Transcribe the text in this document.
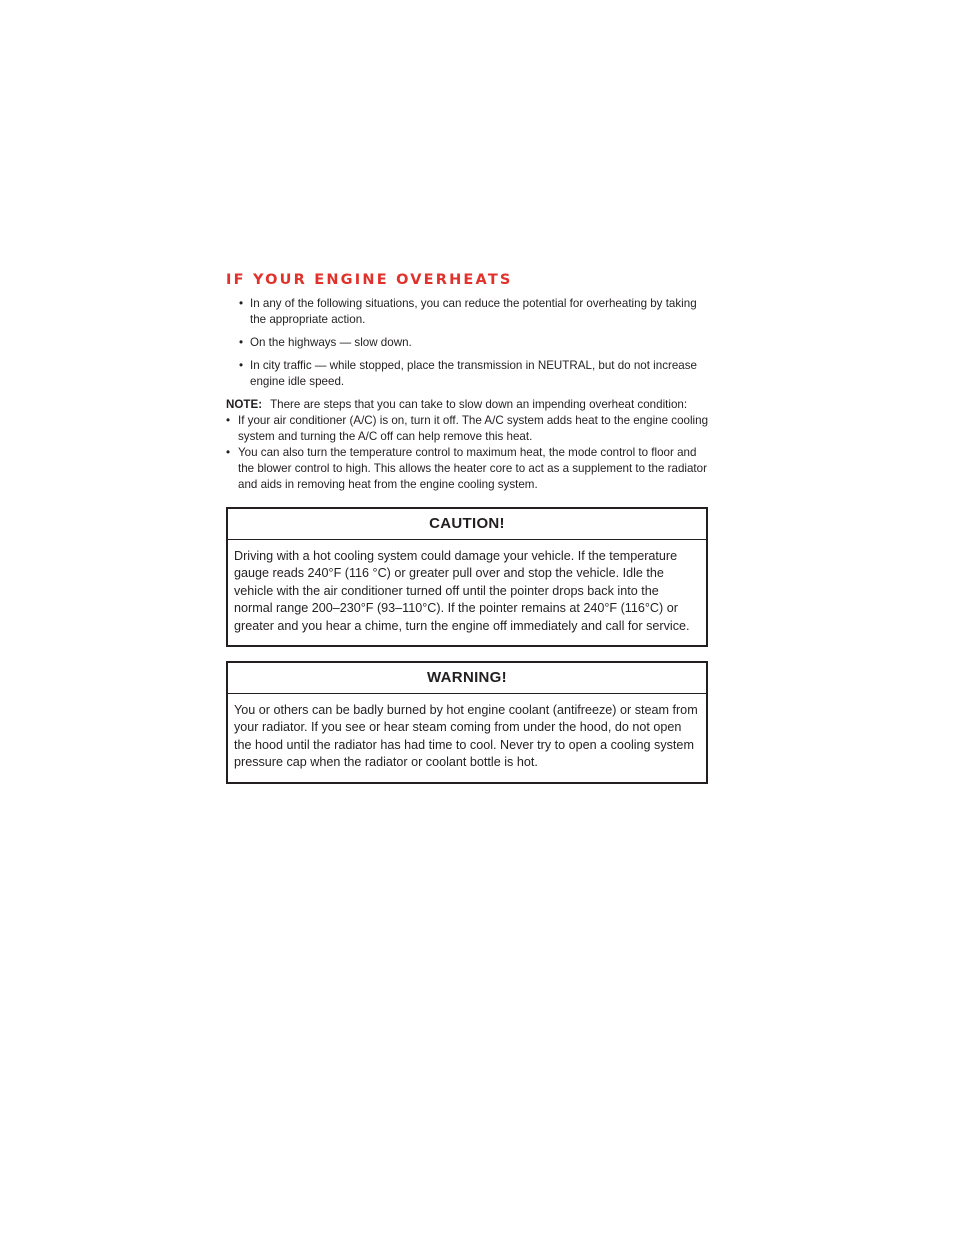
IF YOUR ENGINE OVERHEATS
• In any of the following situations, you can reduce the potential for overheating by taking the appropriate action.
• On the highways — slow down.
• In city traffic — while stopped, place the transmission in NEUTRAL, but do not increase engine idle speed.
NOTE: There are steps that you can take to slow down an impending overheat condition:
• If your air conditioner (A/C) is on, turn it off. The A/C system adds heat to the engine cooling system and turning the A/C off can help remove this heat.
• You can also turn the temperature control to maximum heat, the mode control to floor and the blower control to high. This allows the heater core to act as a supplement to the radiator and aids in removing heat from the engine cooling system.
CAUTION!

Driving with a hot cooling system could damage your vehicle. If the temperature gauge reads 240°F (116 °C) or greater pull over and stop the vehicle. Idle the vehicle with the air conditioner turned off until the pointer drops back into the normal range 200–230°F (93–110°C). If the pointer remains at 240°F (116°C) or greater and you hear a chime, turn the engine off immediately and call for service.

WARNING!

You or others can be badly burned by hot engine coolant (antifreeze) or steam from your radiator. If you see or hear steam coming from under the hood, do not open the hood until the radiator has had time to cool. Never try to open a cooling system pressure cap when the radiator or coolant bottle is hot.
